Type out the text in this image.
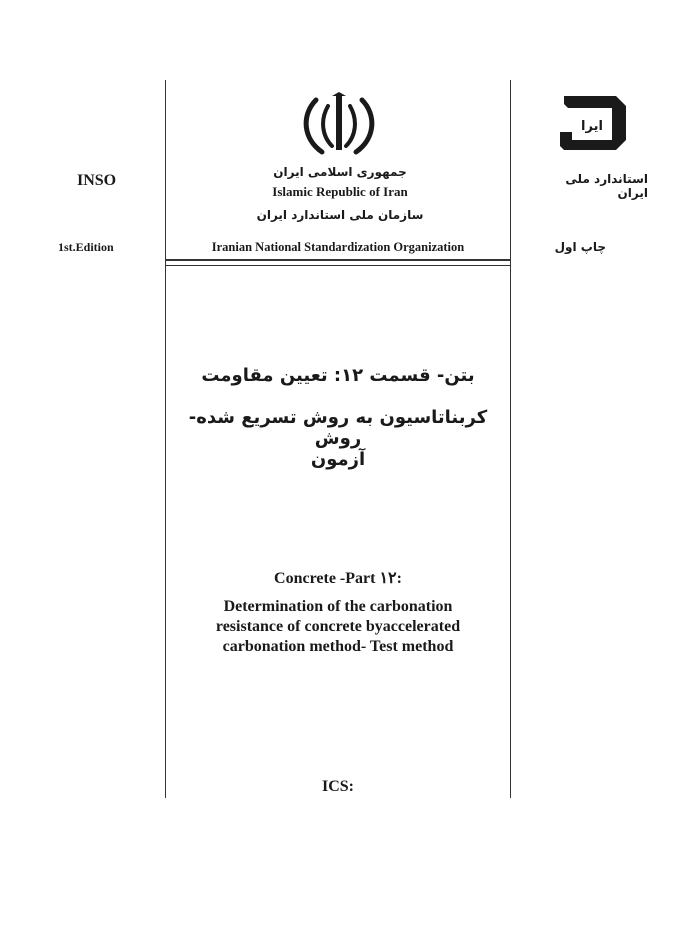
INSO
1st.Edition
ایرا
استاندارد ملی ایران
چاپ اول
جمهوری اسلامی ایران
Islamic Republic of Iran
سازمان ملی استاندارد ایران
Iranian National Standardization Organization
بتن- قسمت ۱۲: تعیین مقاومت
کربناتاسیون به روش تسریع شده- روش
آزمون
Concrete -Part ۱۲:
Determination of the carbonation
resistance of concrete byaccelerated
carbonation method- Test method
ICS:
